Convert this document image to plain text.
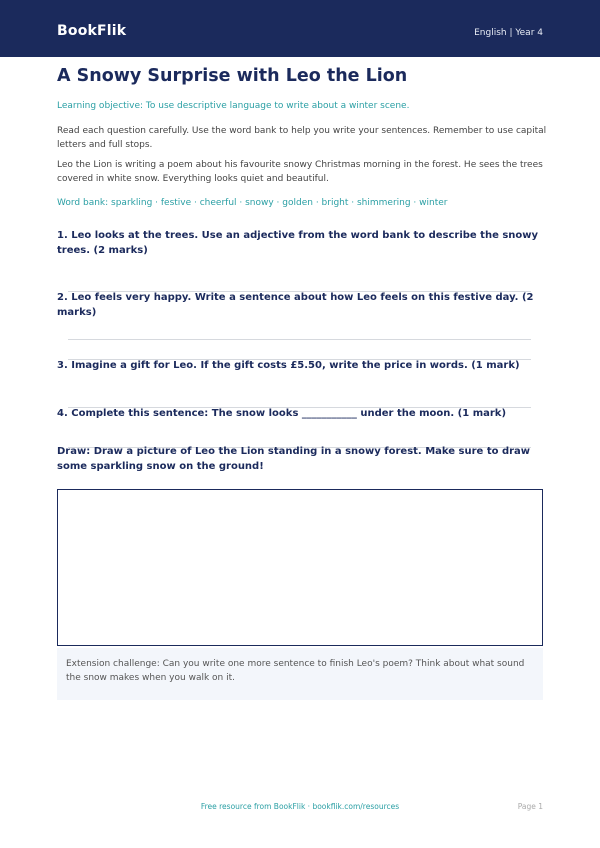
BookFlik	English | Year 4
A Snowy Surprise with Leo the Lion
Learning objective: To use descriptive language to write about a winter scene.
Read each question carefully. Use the word bank to help you write your sentences. Remember to use capital letters and full stops.
Leo the Lion is writing a poem about his favourite snowy Christmas morning in the forest. He sees the trees covered in white snow. Everything looks quiet and beautiful.
Word bank: sparkling · festive · cheerful · snowy · golden · bright · shimmering · winter
1. Leo looks at the trees. Use an adjective from the word bank to describe the snowy trees. (2 marks)
2. Leo feels very happy. Write a sentence about how Leo feels on this festive day. (2 marks)
3. Imagine a gift for Leo. If the gift costs £5.50, write the price in words. (1 mark)
4. Complete this sentence: The snow looks ___________ under the moon. (1 mark)
Draw: Draw a picture of Leo the Lion standing in a snowy forest. Make sure to draw some sparkling snow on the ground!
Extension challenge: Can you write one more sentence to finish Leo's poem? Think about what sound the snow makes when you walk on it.
Free resource from BookFlik · bookflik.com/resources	Page 1
